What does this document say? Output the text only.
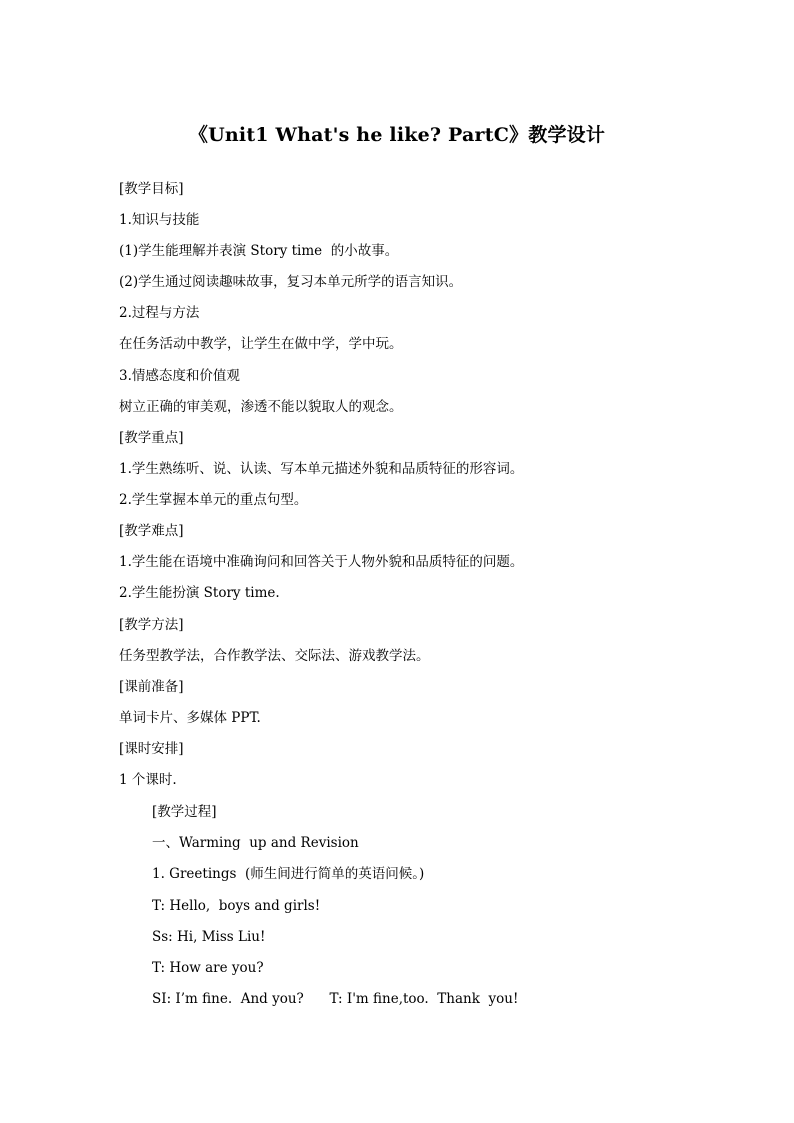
《Unit1 What's he like? PartC》教学设计
[教学目标]
1.知识与技能
(1)学生能理解并表演 Story time  的小故事。
(2)学生通过阅读趣味故事，复习本单元所学的语言知识。
2.过程与方法
在任务活动中教学，让学生在做中学，学中玩。
3.情感态度和价值观
树立正确的审美观，渗透不能以貌取人的观念。
[教学重点]
1.学生熟练听、说、认读、写本单元描述外貌和品质特征的形容词。
2.学生掌握本单元的重点句型。
[教学难点]
1.学生能在语境中准确询问和回答关于人物外貌和品质特征的问题。
2.学生能扮演 Story time.
[教学方法]
任务型教学法，合作教学法、交际法、游戏教学法。
[课前准备]
单词卡片、多媒体 PPT.
[课时安排]
1 个课时.
[教学过程]
一、Warming  up and Revision
1. Greetings  (师生间进行简单的英语问候。)
T: Hello,  boys and girls!
Ss: Hi, Miss Liu!
T: How are you?
SI: I’m fine.  And you?      T: I'm fine,too.  Thank  you!
